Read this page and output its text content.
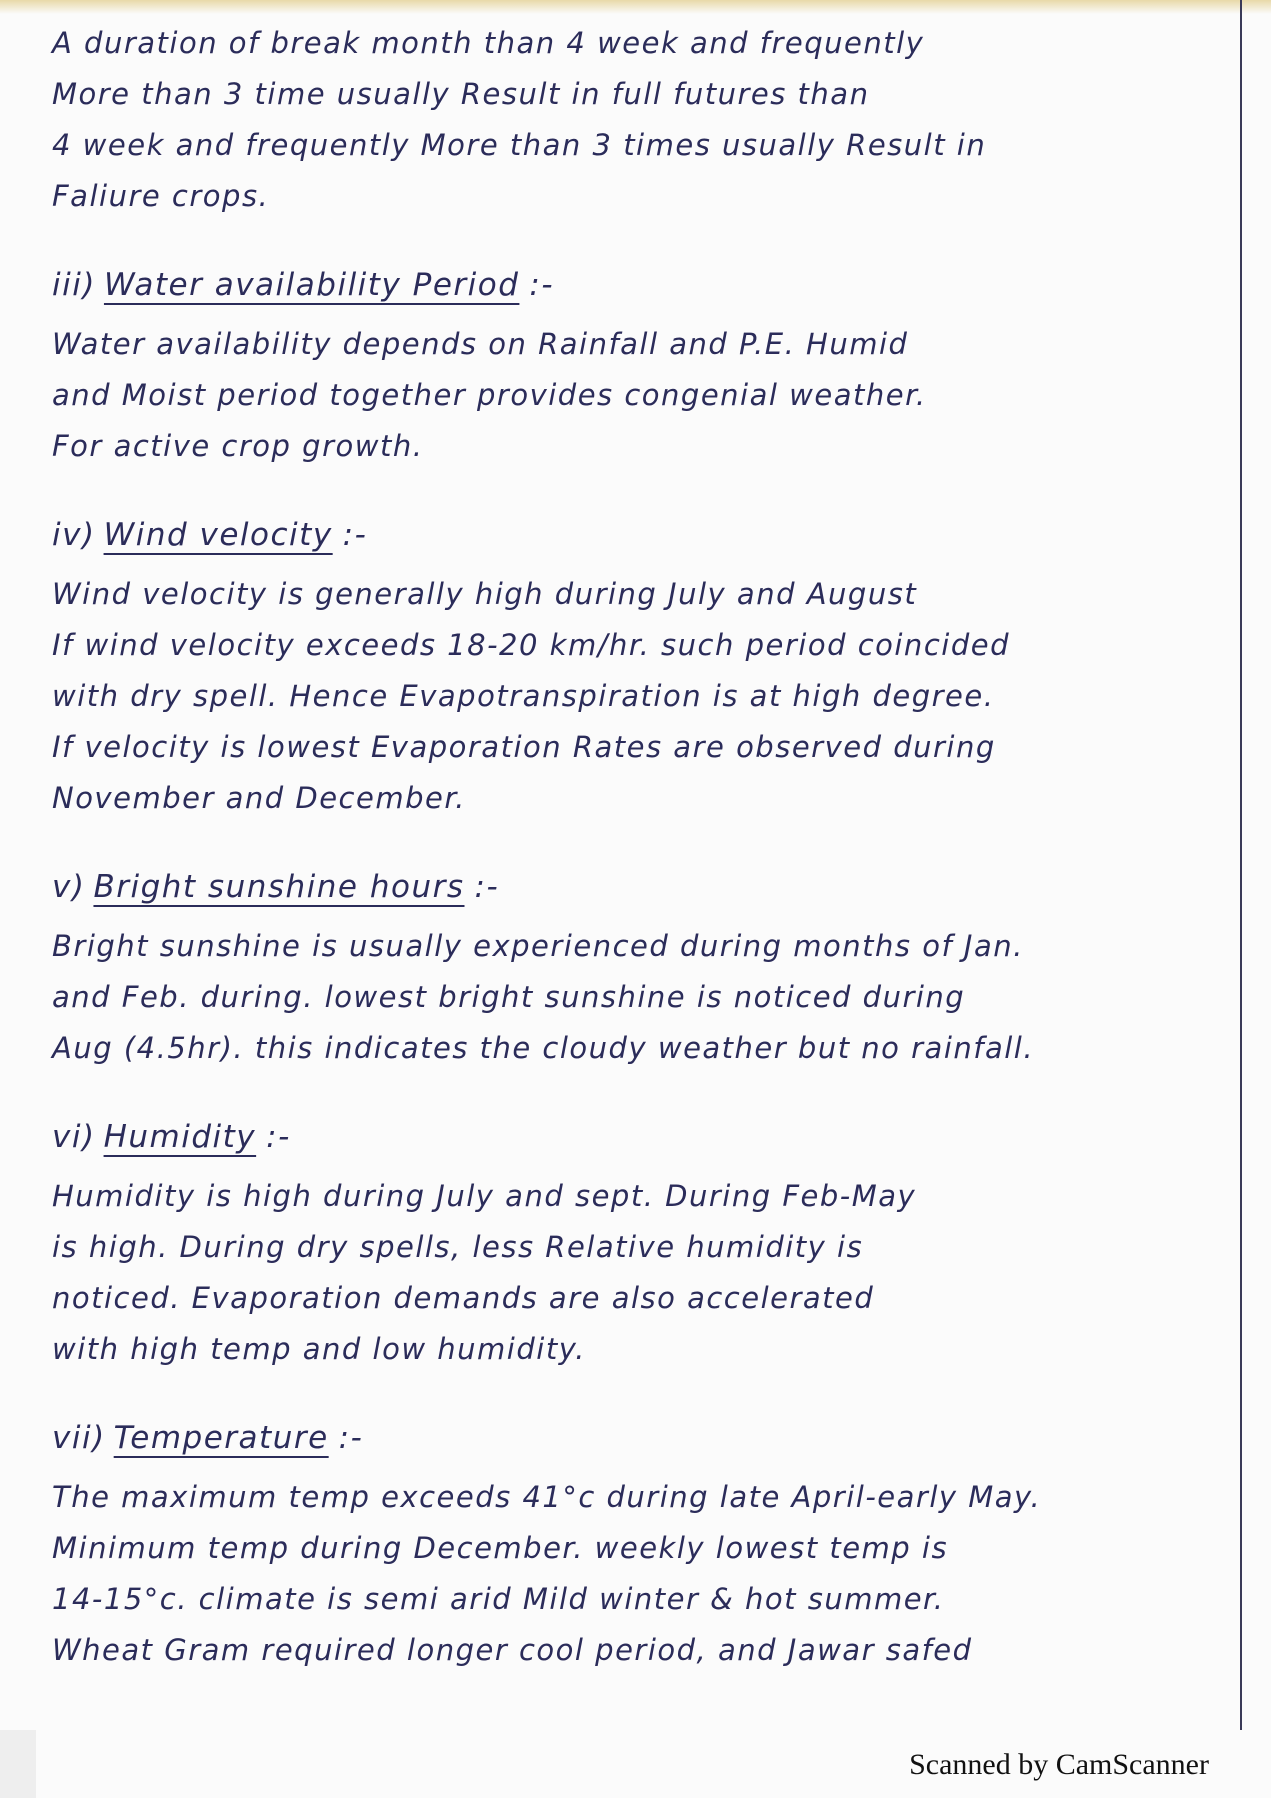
A duration of break month than 4 week and frequently

More than 3 time usually Result in full futures than

4 week and frequently More than 3 times usually Result in

Faliure crops.

iii) Water availability Period :-

Water availability depends on Rainfall and P.E. Humid

and Moist period together provides congenial weather.

For active crop growth.

iv) Wind velocity :-

Wind velocity is generally high during July and August

If wind velocity exceeds 18-20 km/hr. such period coincided

with dry spell. Hence Evapotranspiration is at high degree.

If velocity is lowest Evaporation Rates are observed during

November and December.

v) Bright sunshine hours :-

Bright sunshine is usually experienced during months of Jan.

and Feb. during. lowest bright sunshine is noticed during

Aug (4.5hr). this indicates the cloudy weather but no rainfall.

vi) Humidity :-

Humidity is high during July and sept. During Feb-May

is high. During dry spells, less Relative humidity is

noticed. Evaporation demands are also accelerated

with high temp and low humidity.

vii) Temperature :-

The maximum temp exceeds 41°c during late April-early May.

Minimum temp during December. weekly lowest temp is

14-15°c. climate is semi arid Mild winter & hot summer.

Wheat Gram required longer cool period, and Jawar safed

Scanned by CamScanner
